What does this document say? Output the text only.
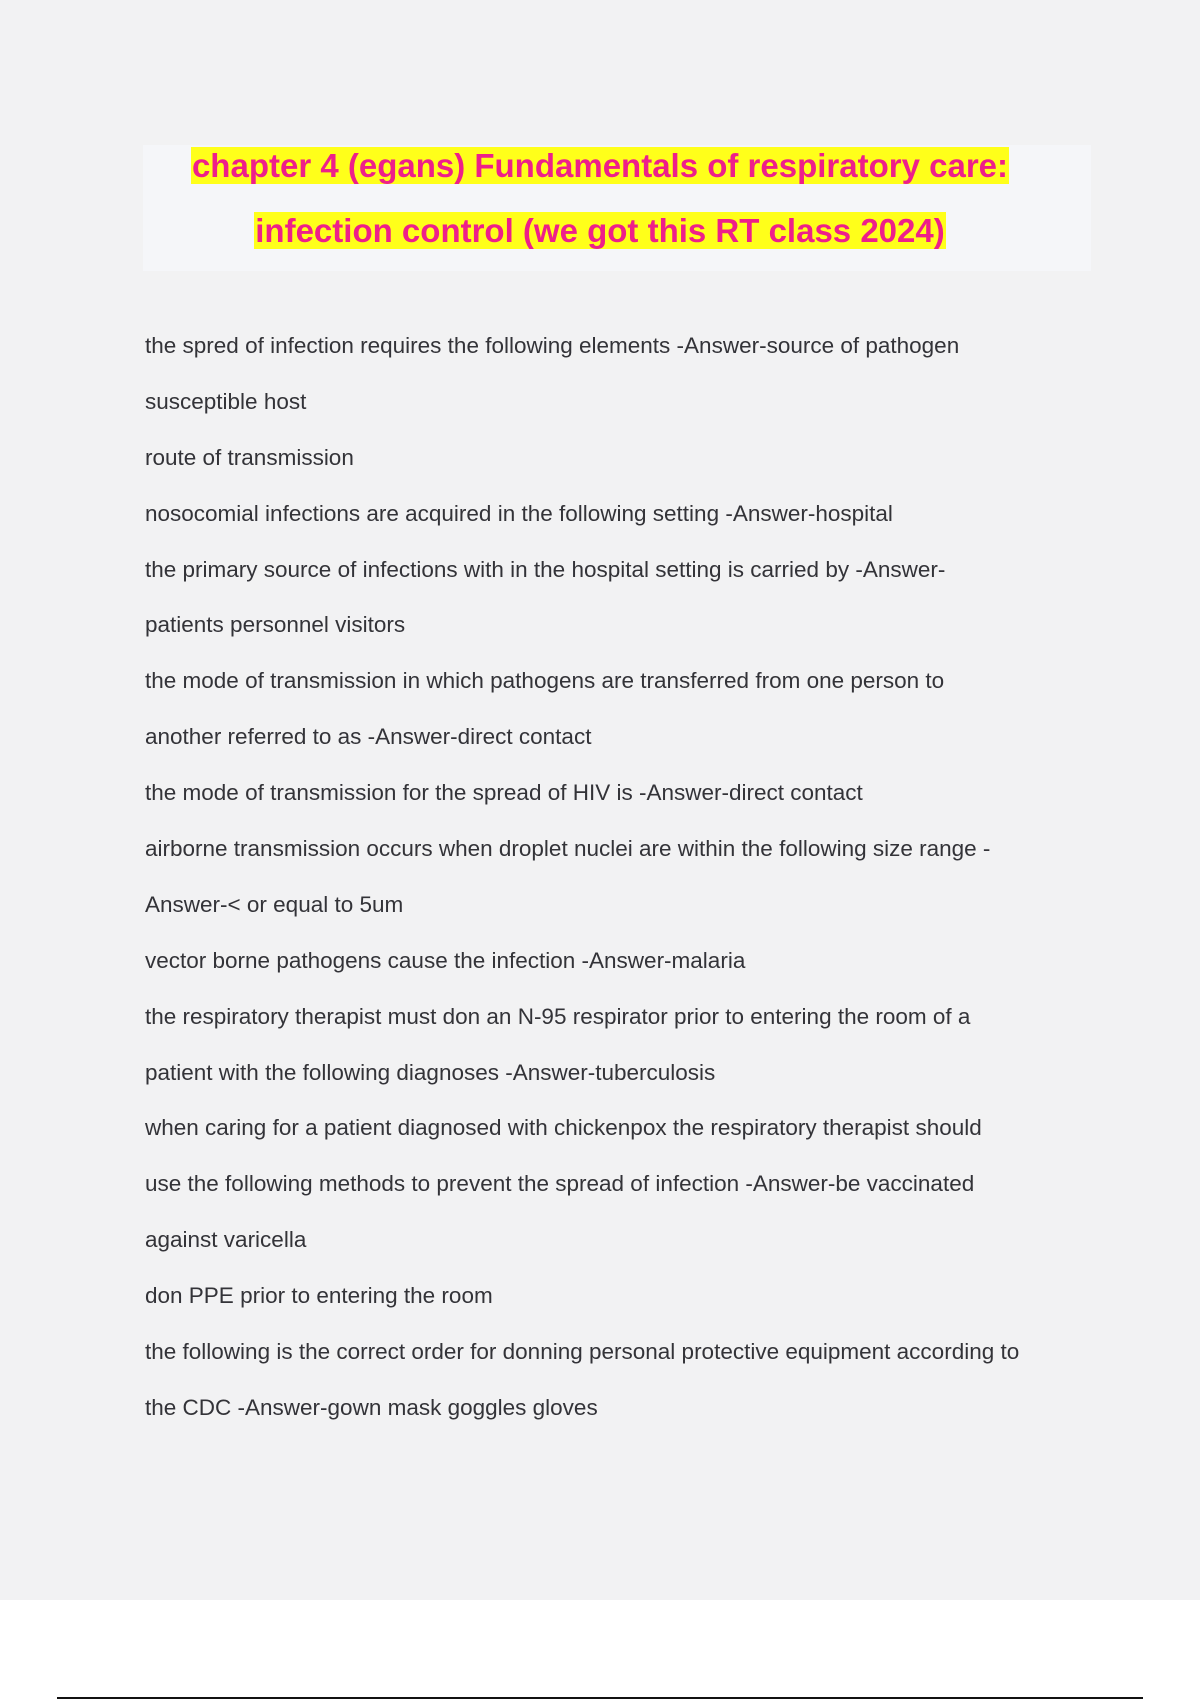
chapter 4 (egans) Fundamentals of respiratory care:
infection control (we got this RT class 2024)
the spred of infection requires the following elements -Answer-source of pathogen
susceptible host
route of transmission
nosocomial infections are acquired in the following setting -Answer-hospital
the primary source of infections with in the hospital setting is carried by -Answer-
patients personnel visitors
the mode of transmission in which pathogens are transferred from one person to
another referred to as -Answer-direct contact
the mode of transmission for the spread of HIV is -Answer-direct contact
airborne transmission occurs when droplet nuclei are within the following size range -
Answer-< or equal to 5um
vector borne pathogens cause the infection -Answer-malaria
the respiratory therapist must don an N-95 respirator prior to entering the room of a
patient with the following diagnoses -Answer-tuberculosis
when caring for a patient diagnosed with chickenpox the respiratory therapist should
use the following methods to prevent the spread of infection -Answer-be vaccinated
against varicella
don PPE prior to entering the room
the following is the correct order for donning personal protective equipment according to
the CDC -Answer-gown mask goggles gloves
